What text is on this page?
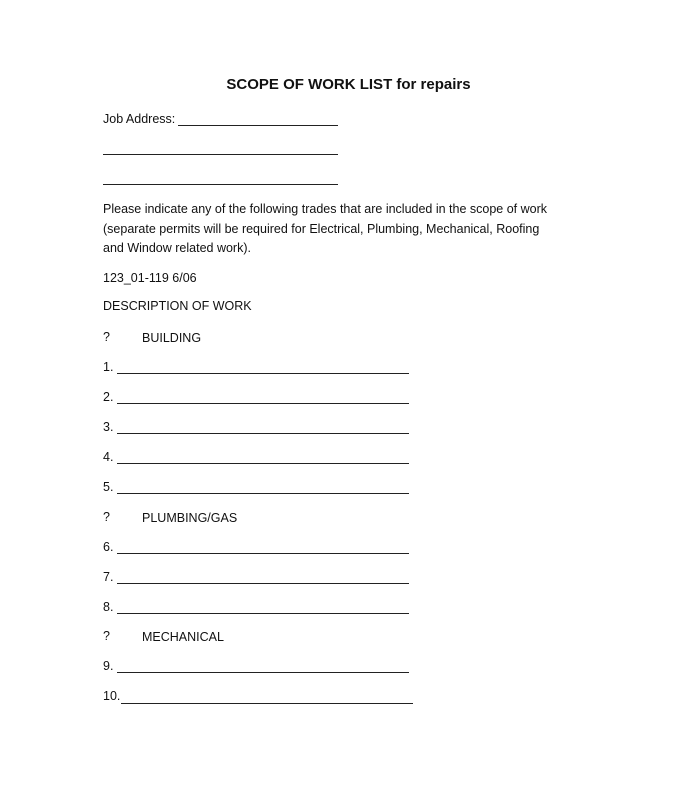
SCOPE OF WORK LIST for repairs
Job Address:
Please indicate any of the following trades that are included in the scope of work
(separate permits will be required for Electrical, Plumbing, Mechanical, Roofing
and Window related work).
123_01-119 6/06
DESCRIPTION OF WORK
?	BUILDING
1.
2.
3.
4.
5.
?	PLUMBING/GAS
6.
7.
8.
?	MECHANICAL
9.
10.
